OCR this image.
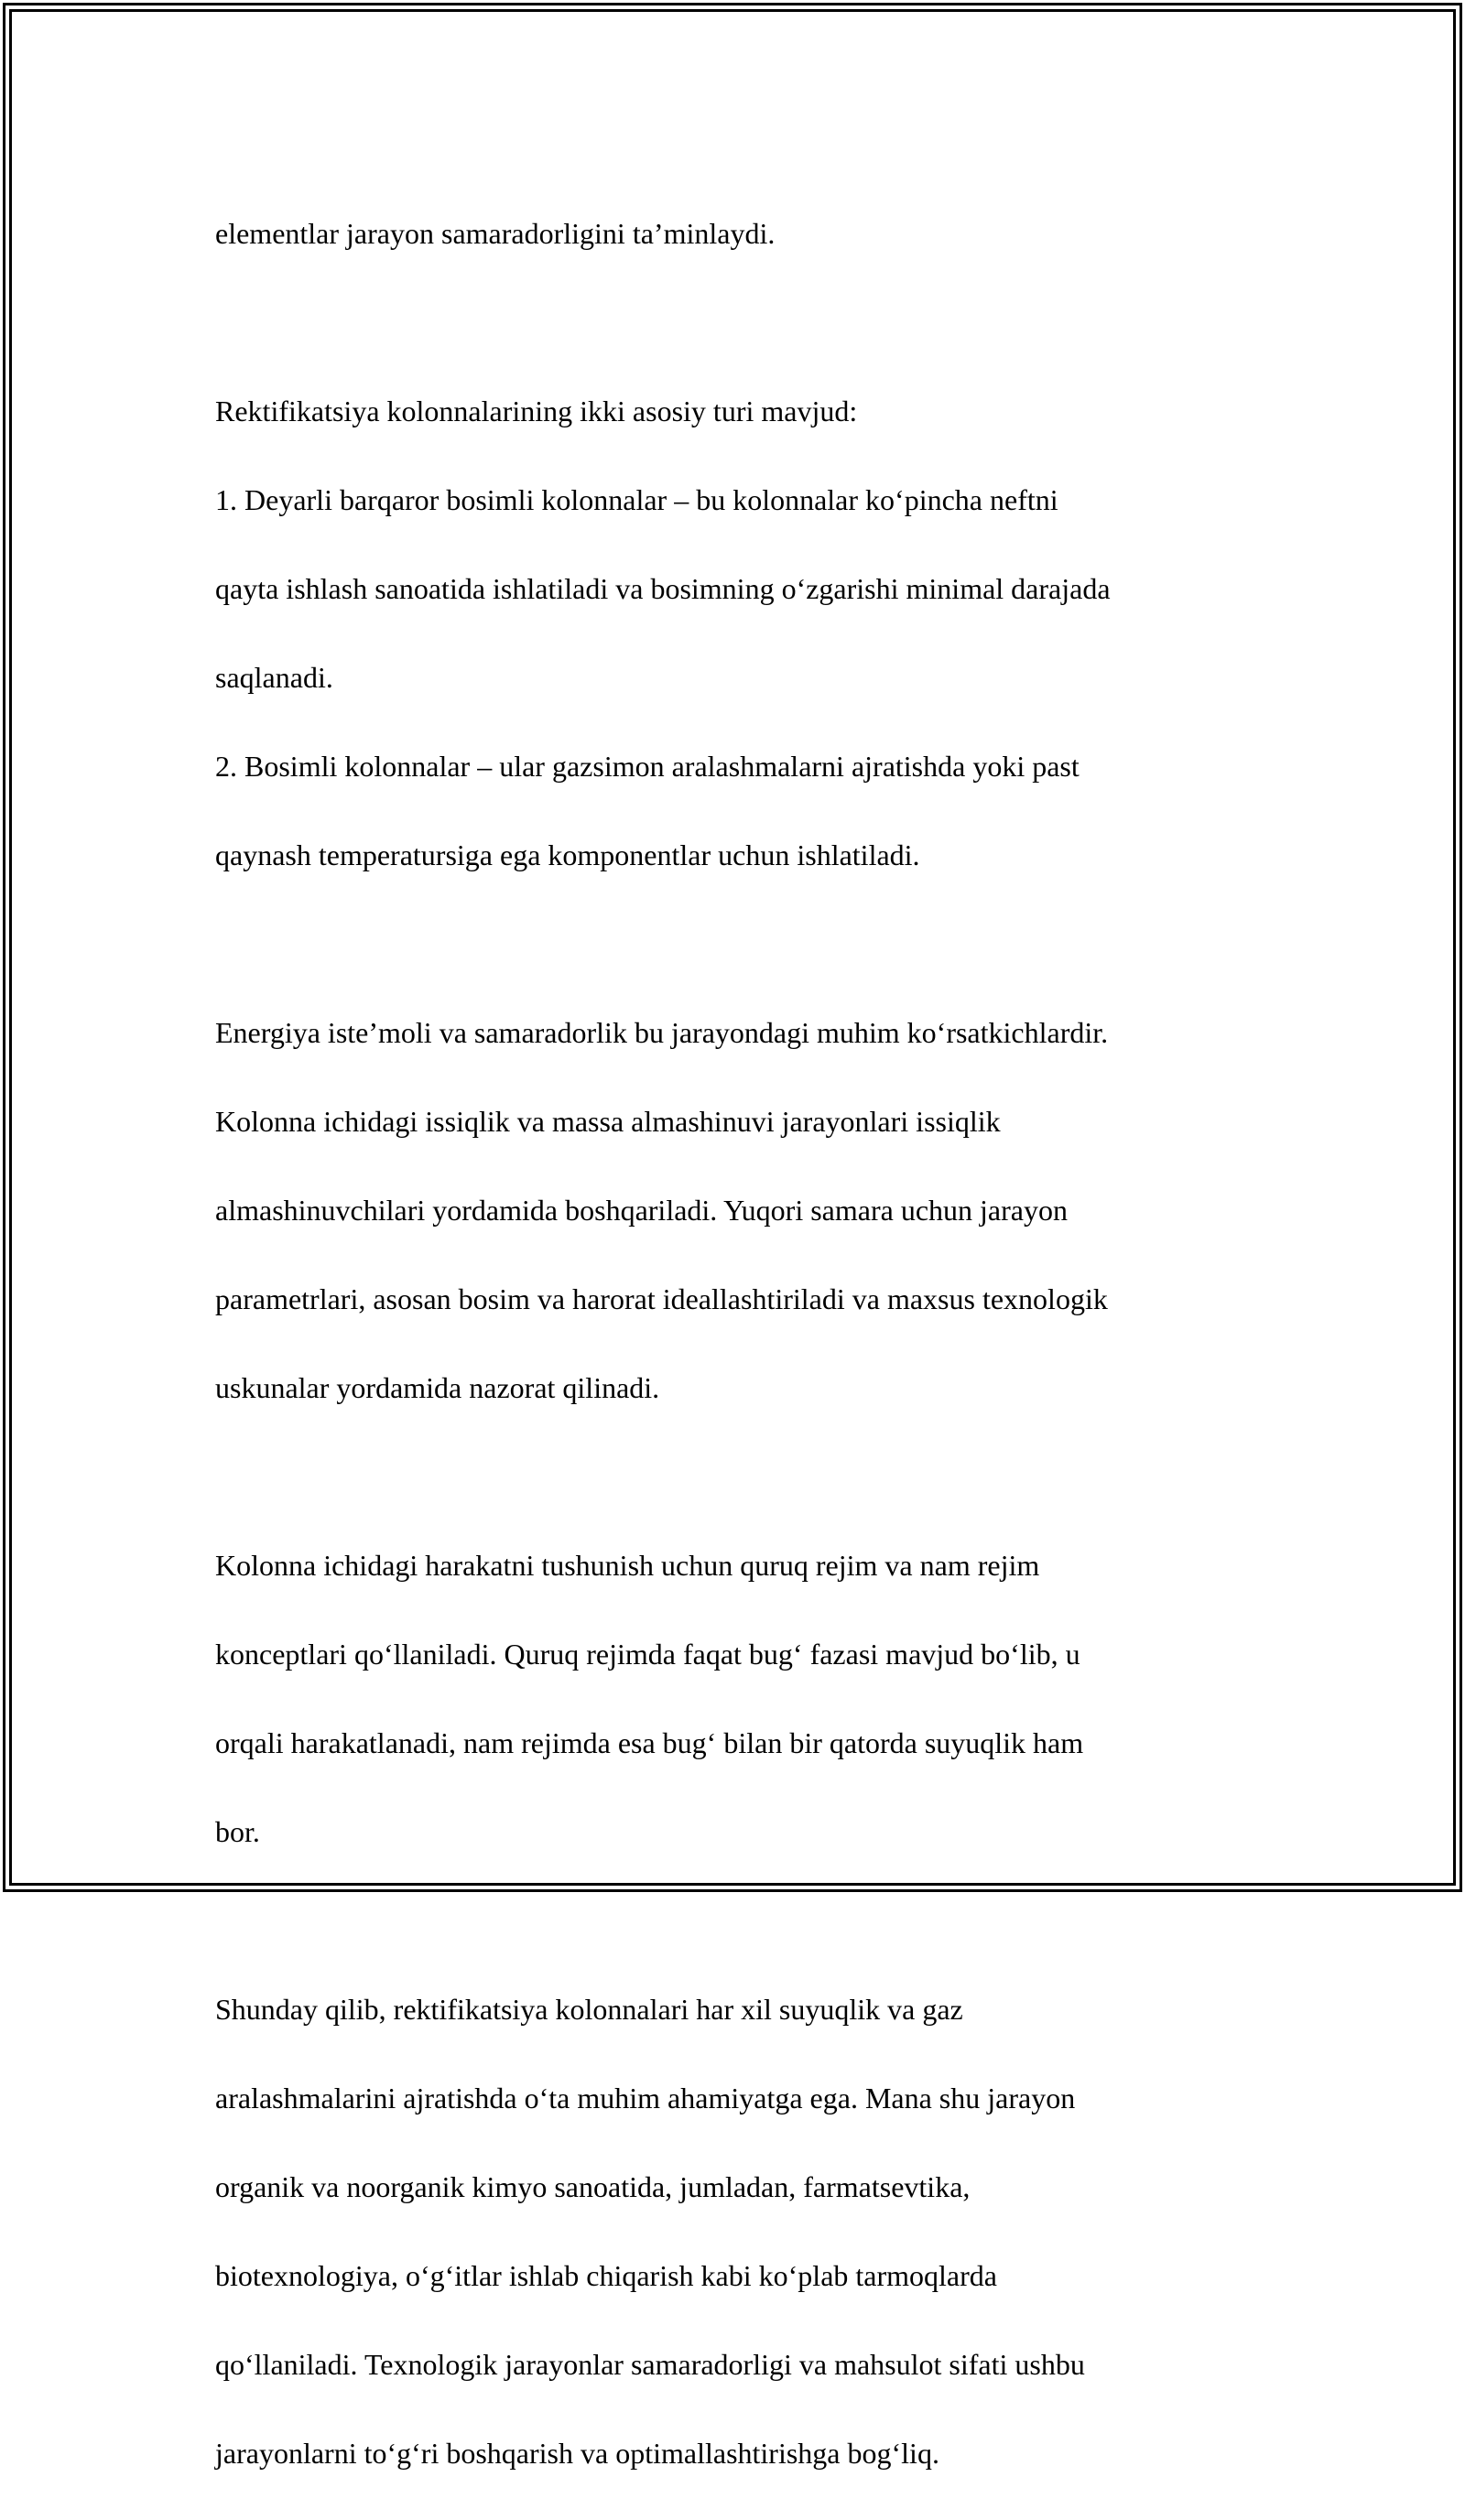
elementlar jarayon samaradorligini ta’minlaydi.

Rektifikatsiya kolonnalarining ikki asosiy turi mavjud:

1. Deyarli barqaror bosimli kolonnalar – bu kolonnalar ko‘pincha neftni

qayta ishlash sanoatida ishlatiladi va bosimning o‘zgarishi minimal darajada

saqlanadi.

2. Bosimli kolonnalar – ular gazsimon aralashmalarni ajratishda yoki past

qaynash temperatursiga ega komponentlar uchun ishlatiladi.

Energiya iste’moli va samaradorlik bu jarayondagi muhim ko‘rsatkichlardir.

Kolonna ichidagi issiqlik va massa almashinuvi jarayonlari issiqlik

almashinuvchilari yordamida boshqariladi. Yuqori samara uchun jarayon

parametrlari, asosan bosim va harorat ideallashtiriladi va maxsus texnologik

uskunalar yordamida nazorat qilinadi.

Kolonna ichidagi harakatni tushunish uchun quruq rejim va nam rejim

konceptlari qo‘llaniladi. Quruq rejimda faqat bug‘ fazasi mavjud bo‘lib, u

orqali harakatlanadi, nam rejimda esa bug‘ bilan bir qatorda suyuqlik ham

bor.

Shunday qilib, rektifikatsiya kolonnalari har xil suyuqlik va gaz

aralashmalarini ajratishda o‘ta muhim ahamiyatga ega. Mana shu jarayon

organik va noorganik kimyo sanoatida, jumladan, farmatsevtika,

biotexnologiya, o‘g‘itlar ishlab chiqarish kabi ko‘plab tarmoqlarda

qo‘llaniladi. Texnologik jarayonlar samaradorligi va mahsulot sifati ushbu

jarayonlarni to‘g‘ri boshqarish va optimallashtirishga bog‘liq.
